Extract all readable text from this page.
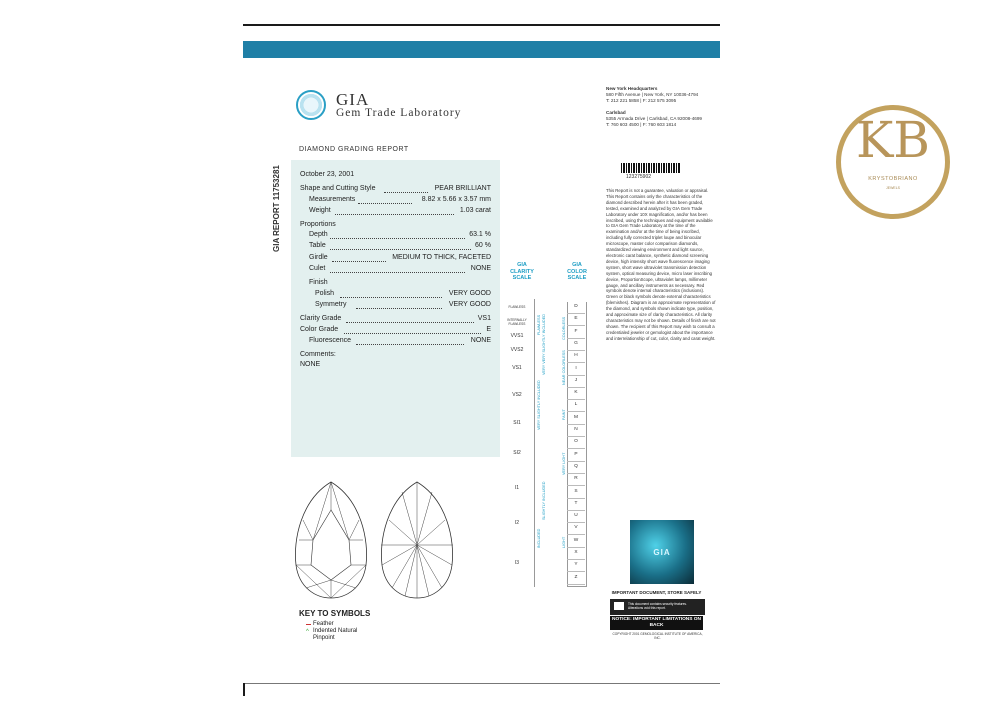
GIA
Gem Trade Laboratory
New York Headquarters
580 Fifth Avenue | New York, NY 10036-4794
T: 212 221 5858 | F: 212 575 3095
Carlsbad
5355 Armada Drive | Carlsbad, CA 92008-4699
T: 760 603 4500 | F: 760 603 1814
DIAMOND GRADING REPORT
GIA REPORT 11753281	October 23, 2001
Shape and Cutting Style	PEAR BRILLIANT
Measurements	8.82 x 5.66 x 3.57 mm
Weight	1.03 carat
Proportions
Depth	63.1 %
Table	60 %
Girdle	MEDIUM TO THICK, FACETED
Culet	NONE
Finish
Polish	VERY GOOD
Symmetry	VERY GOOD
Clarity Grade	VS1
Color Grade	E
Fluorescence	NONE
Comments:
NONE
GIA CLARITY SCALE
FLAWLESS
INTERNALLY FLAWLESS
VVS1
VVS2
VS1
VS2
SI1
SI2
I1
I2
I3
FLAWLESS VERY VERY SLIGHTLY INCLUDED
VERY SLIGHTLY INCLUDED
SLIGHTLY INCLUDED
INCLUDED
GIA COLOR SCALE
D
E
F
G
H
I
J
K
L
M
N
O
P
Q
R
S
T
U
V
W
X
Y
Z
COLORLESS
NEAR COLORLESS
FAINT
VERY LIGHT
LIGHT
123275902
This Report is not a guarantee, valuation or appraisal. This Report contains only the characteristics of the diamond described herein after it has been graded, tested, examined and analyzed by GIA Gem Trade Laboratory under 10X magnification, and/or has been inscribed, using the techniques and equipment available to GIA Gem Trade Laboratory at the time of the examination and/or at the time of being inscribed, including fully corrected triplet loupe and binocular microscope, master color comparison diamonds, standardized viewing environment and light source, electronic carat balance, synthetic diamond screening device, high intensity short wave fluorescence imaging system, short wave ultraviolet transmission detection system, optical measuring device, micro laser inscribing device, ProportionScope, ultraviolet lamps, millimeter gauge, and ancillary instruments as necessary. Red symbols denote internal characteristics (inclusions). Green or black symbols denote external characteristics (blemishes). Diagram is an approximate representation of the diamond, and symbols shown indicate type, position, and approximate size of clarity characteristics. All clarity characteristics may not be shown. Details of finish are not shown. The recipient of this Report may wish to consult a credentialed jeweler or gemologist about the importance and interrelationship of cut, color, clarity and carat weight.
KEY TO SYMBOLS
Feather
Indented Natural
Pinpoint
^
GIA
IMPORTANT DOCUMENT, STORE SAFELY
This document contains security features. Alterations void this report.
NOTICE: IMPORTANT LIMITATIONS ON BACK
COPYRIGHT 2001 GEMOLOGICAL INSTITUTE OF AMERICA, INC.
KB
KRYSTOBRIANO
JEWELS
